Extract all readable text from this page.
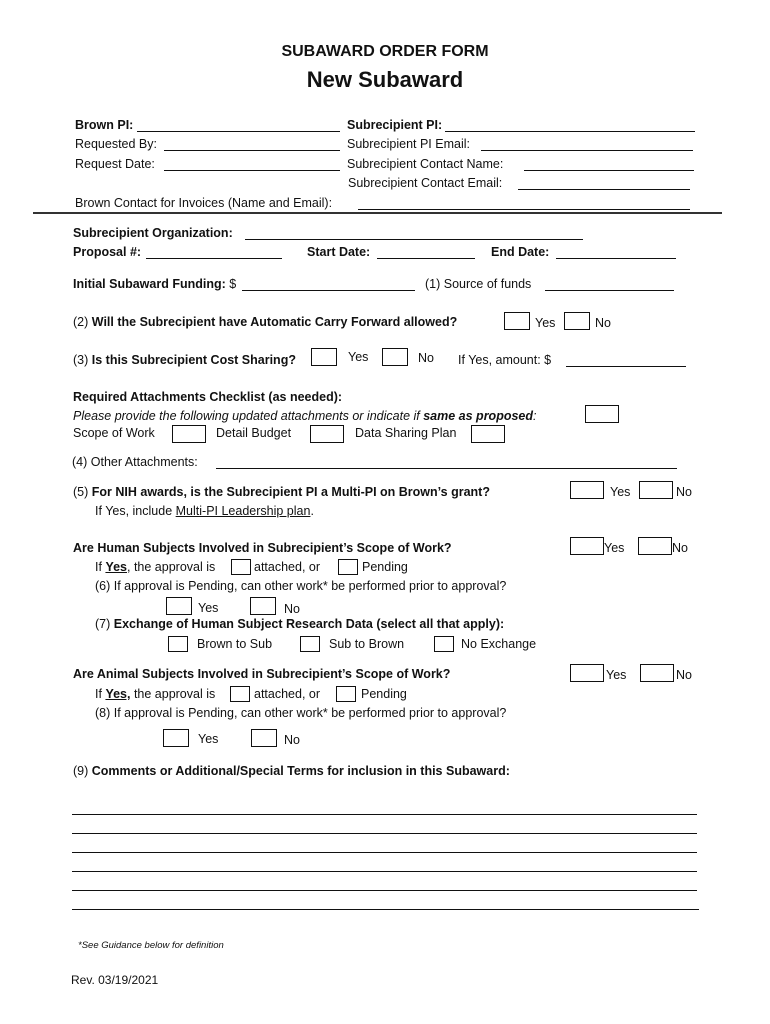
SUBAWARD ORDER FORM
New Subaward
Brown PI:
Requested By:
Request Date:
Subrecipient PI:
Subrecipient PI Email:
Subrecipient Contact Name:
Subrecipient Contact Email:
Brown Contact for Invoices (Name and Email):
Subrecipient Organization:
Proposal #:	Start Date:	End Date:
Initial Subaward Funding: $	(1) Source of funds
(2) Will the Subrecipient have Automatic Carry Forward allowed?	Yes	No
(3) Is this Subrecipient Cost Sharing?	Yes	No If Yes, amount: $
Required Attachments Checklist (as needed):
Please provide the following updated attachments or indicate if same as proposed:
Scope of Work	Detail Budget	Data Sharing Plan
(4) Other Attachments:
(5) For NIH awards, is the Subrecipient PI a Multi-PI on Brown’s grant?	Yes	No
If Yes, include Multi-PI Leadership plan.
Are Human Subjects Involved in Subrecipient’s Scope of Work?	Yes	No
If Yes, the approval is	attached, or	Pending
(6) If approval is Pending, can other work* be performed prior to approval?
Yes	No
(7) Exchange of Human Subject Research Data (select all that apply):
Brown to Sub	Sub to Brown	No Exchange
Are Animal Subjects Involved in Subrecipient’s Scope of Work?	Yes	No
If Yes, the approval is	attached, or	Pending
(8) If approval is Pending, can other work* be performed prior to approval?
Yes	No
(9) Comments or Additional/Special Terms for inclusion in this Subaward:
*See Guidance below for definition
Rev. 03/19/2021
